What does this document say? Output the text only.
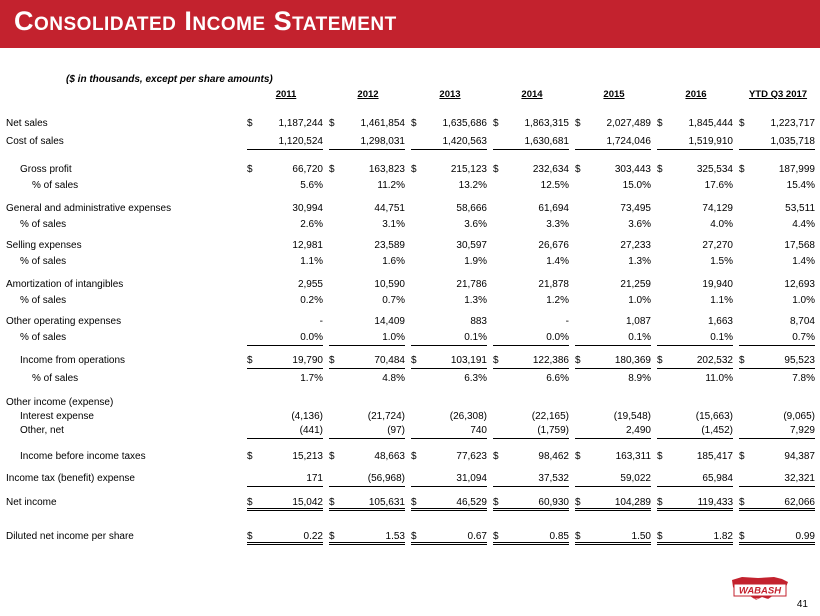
Consolidated Income Statement
($ in thousands, except per share amounts)
2011	2012	2013	2014	2015	2016	YTD Q3 2017
Net sales	$	1,187,244 $	1,461,854 $	1,635,686 $	1,863,315 $	2,027,489 $	1,845,444 $	1,223,717
Cost of sales	1,120,524	1,298,031	1,420,563	1,630,681	1,724,046	1,519,910	1,035,718
Gross profit	$	66,720 $	163,823 $	215,123 $	232,634 $	303,443 $	325,534 $	187,999
% of sales	5.6%	11.2%	13.2%	12.5%	15.0%	17.6%	15.4%
General and administrative expenses	30,994	44,751	58,666	61,694	73,495	74,129	53,511
% of sales	2.6%	3.1%	3.6%	3.3%	3.6%	4.0%	4.4%
Selling expenses	12,981	23,589	30,597	26,676	27,233	27,270	17,568
% of sales	1.1%	1.6%	1.9%	1.4%	1.3%	1.5%	1.4%
Amortization of intangibles	2,955	10,590	21,786	21,878	21,259	19,940	12,693
% of sales	0.2%	0.7%	1.3%	1.2%	1.0%	1.1%	1.0%
Other operating expenses	-	14,409	883	-	1,087	1,663	8,704
% of sales	0.0%	1.0%	0.1%	0.0%	0.1%	0.1%	0.7%
Income from operations	$	19,790 $	70,484 $	103,191 $	122,386 $	180,369 $	202,532 $	95,523
% of sales	1.7%	4.8%	6.3%	6.6%	8.9%	11.0%	7.8%
Other income (expense)
Interest expense	(4,136)	(21,724)	(26,308)	(22,165)	(19,548)	(15,663)	(9,065)
Other, net	(441)	(97)	740	(1,759)	2,490	(1,452)	7,929
Income before income taxes	$	15,213 $	48,663 $	77,623 $	98,462 $	163,311 $	185,417 $	94,387
Income tax (benefit) expense	171	(56,968)	31,094	37,532	59,022	65,984	32,321
Net income	$	15,042 $	105,631 $	46,529 $	60,930 $	104,289 $	119,433 $	62,066
Diluted net income per share	$	0.22 $	1.53 $	0.67 $	0.85 $	1.50 $	1.82 $	0.99
WABASH
NATIONAL	41
